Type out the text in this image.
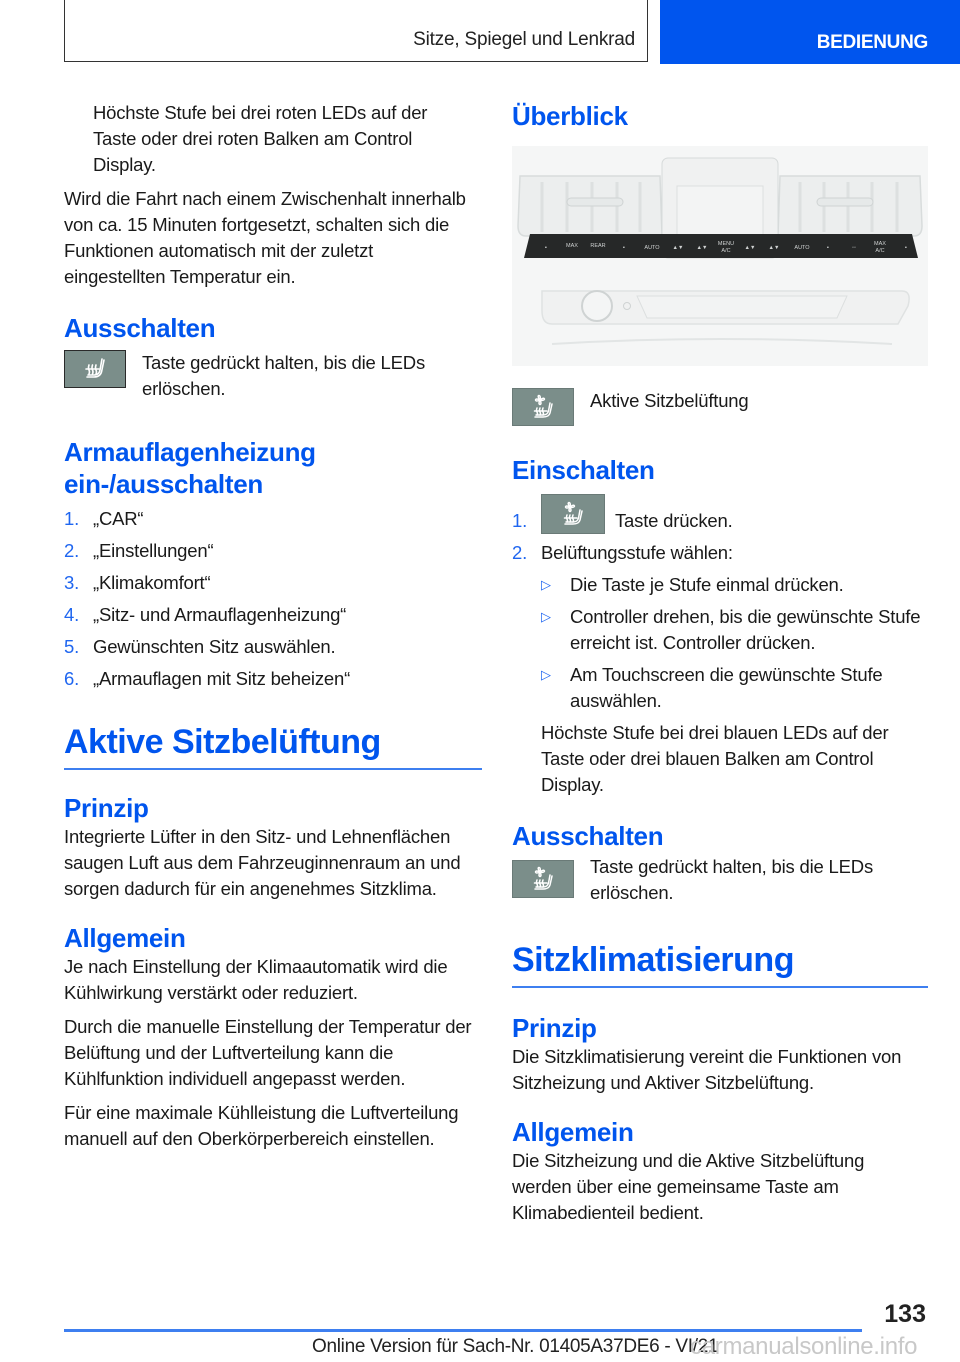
Sitze, Spiegel und Lenkrad	BEDIENUNG

Höchste Stufe bei drei roten LEDs auf der Taste oder drei roten Balken am Control Display.

Wird die Fahrt nach einem Zwischenhalt innerhalb von ca. 15 Minuten fortgesetzt, schalten sich die Funktionen automatisch mit der zuletzt eingestellten Temperatur ein.

Ausschalten

Taste gedrückt halten, bis die LEDs erlöschen.

Armauflagenheizung ein-/ausschalten
1. „CAR“
2. „Einstellungen“
3. „Klimakomfort“
4. „Sitz- und Armauflagenheizung“
5. Gewünschten Sitz auswählen.
6. „Armauflagen mit Sitz beheizen“
Aktive Sitzbelüftung
Prinzip

Integrierte Lüfter in den Sitz- und Lehnenflächen saugen Luft aus dem Fahrzeuginnenraum an und sorgen dadurch für ein angenehmes Sitzklima.

Allgemein

Je nach Einstellung der Klimaautomatik wird die Kühlwirkung verstärkt oder reduziert.

Durch die manuelle Einstellung der Temperatur der Belüftung und der Luftverteilung kann die Kühlfunktion individuell angepasst werden.

Für eine maximale Kühlleistung die Luftverteilung manuell auf den Oberkörperbereich einstellen.

Überblick
▪	MAX REAR	▪	AUTO ▲▼ ▲▼
MENU
A/C	▲▼ ▲▼	AUTO	▪	◦◦
MAX
A/C	▪

Aktive Sitzbelüftung

Einschalten
1.	Taste drücken.
2. Belüftungsstufe wählen:
▷	Die Taste je Stufe einmal drücken.
▷	Controller drehen, bis die gewünschte Stufe erreicht ist. Controller drücken.
▷	Am Touchscreen die gewünschte Stufe auswählen.

Höchste Stufe bei drei blauen LEDs auf der Taste oder drei blauen Balken am Control Display.

Ausschalten

Taste gedrückt halten, bis die LEDs erlöschen.

Sitzklimatisierung
Prinzip

Die Sitzklimatisierung vereint die Funktionen von Sitzheizung und Aktiver Sitzbelüftung.

Allgemein

Die Sitzheizung und die Aktive Sitzbelüftung werden über eine gemeinsame Taste am Klimabedienteil bedient.

133
Online Version für Sach-Nr. 01405A37DE6 - VI/21
carmanualsonline.info
